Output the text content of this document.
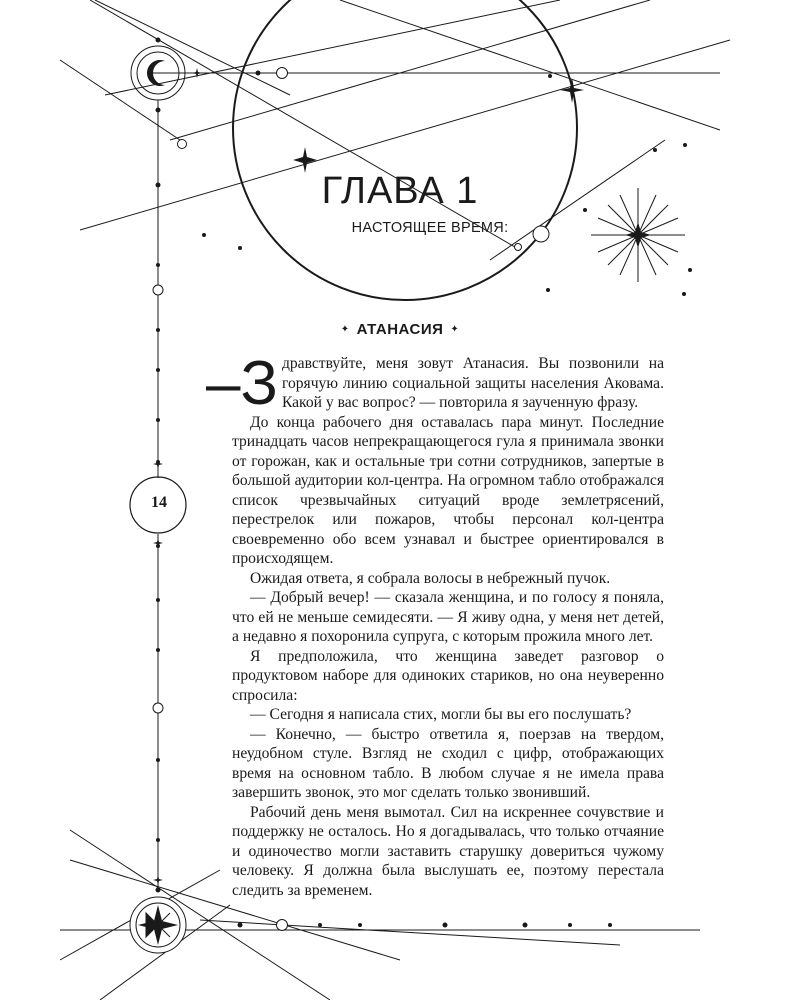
ГЛАВА 1
НАСТОЯЩЕЕ ВРЕМЯ:
✦ АТАНАСИЯ ✦
14

–З дравствуйте, меня зовут Атанасия. Вы позвонили на горячую линию социальной защиты населения Аковама. Какой у вас вопрос? — повторила я заученную фразу.

До конца рабочего дня оставалась пара минут. Последние тринадцать часов непрекращающегося гула я принимала звонки от горожан, как и остальные три сотни сотрудников, запертые в большой аудитории кол-центра. На огромном табло отображался список чрезвычайных ситуаций вроде землетрясений, перестрелок или пожаров, чтобы персонал кол-центра своевременно обо всем узнавал и быстрее ориентировался в происходящем.

Ожидая ответа, я собрала волосы в небрежный пучок.

— Добрый вечер! — сказала женщина, и по голосу я поняла, что ей не меньше семидесяти. — Я живу одна, у меня нет детей, а недавно я похоронила супруга, с которым прожила много лет.

Я предположила, что женщина заведет разговор о продуктовом наборе для одиноких стариков, но она неуверенно спросила:

— Сегодня я написала стих, могли бы вы его послушать?

— Конечно, — быстро ответила я, поерзав на твердом, неудобном стуле. Взгляд не сходил с цифр, отображающих время на основном табло. В любом случае я не имела права завершить звонок, это мог сделать только звонивший.

Рабочий день меня вымотал. Сил на искреннее сочувствие и поддержку не осталось. Но я догадывалась, что только отчаяние и одиночество могли заставить старушку довериться чужому человеку. Я должна была выслушать ее, поэтому перестала следить за временем.
